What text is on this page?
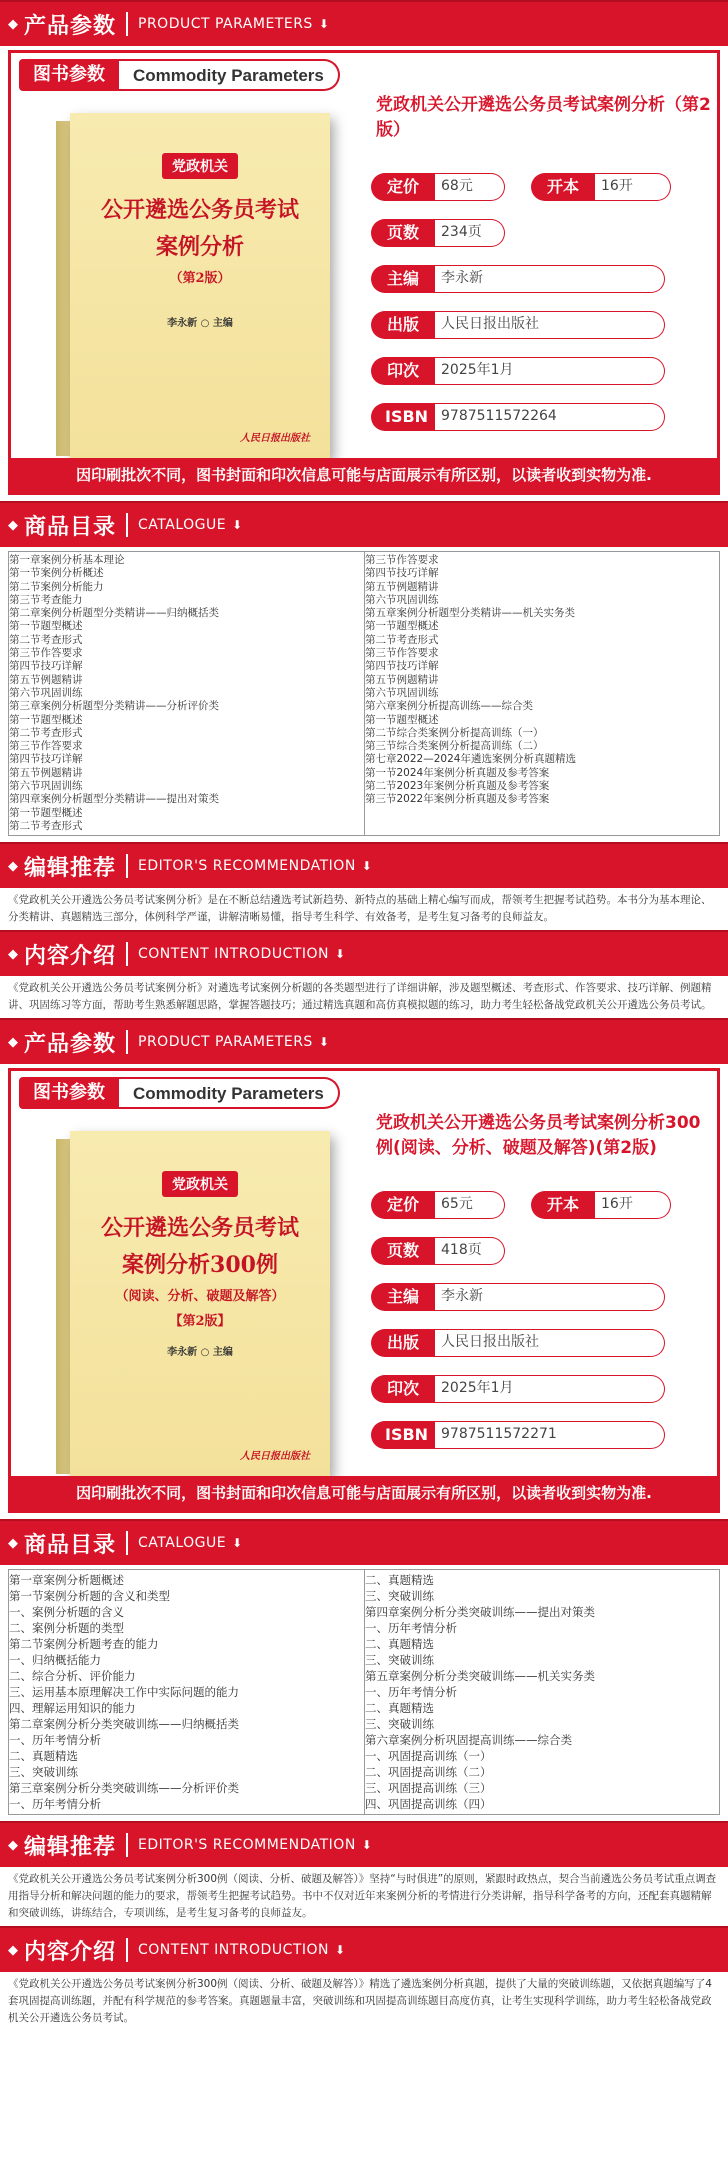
◆ 产品参数 PRODUCT PARAMETERS ⬇
图书参数	Commodity Parameters
党政机关
公开遴选公务员考试
案例分析
（第2版）
李永新 ○ 主编
人民日报出版社
党政机关公开遴选公务员考试案例分析（第2版）
定价	68元	开本	16开
页数	234页
主编	李永新
出版	人民日报出版社
印次	2025年1月
ISBN 9787511572264
因印刷批次不同，图书封面和印次信息可能与店面展示有所区别，以读者收到实物为准.
◆ 商品目录 CATALOGUE ⬇
第一章案例分析基本理论
第一节案例分析概述
第二节案例分析能力
第三节考查能力
第二章案例分析题型分类精讲——归纳概括类
第一节题型概述
第二节考查形式
第三节作答要求
第四节技巧详解
第五节例题精讲
第六节巩固训练
第三章案例分析题型分类精讲——分析评价类
第一节题型概述
第二节考查形式
第三节作答要求
第四节技巧详解
第五节例题精讲
第六节巩固训练
第四章案例分析题型分类精讲——提出对策类
第一节题型概述
第二节考查形式
第三节作答要求
第四节技巧详解
第五节例题精讲
第六节巩固训练
第五章案例分析题型分类精讲——机关实务类
第一节题型概述
第二节考查形式
第三节作答要求
第四节技巧详解
第五节例题精讲
第六节巩固训练
第六章案例分析提高训练——综合类
第一节题型概述
第二节综合类案例分析提高训练（一）
第三节综合类案例分析提高训练（二）
第七章2022—2024年遴选案例分析真题精选
第一节2024年案例分析真题及参考答案
第二节2023年案例分析真题及参考答案
第三节2022年案例分析真题及参考答案
◆ 编辑推荐 EDITOR'S RECOMMENDATION ⬇
《党政机关公开遴选公务员考试案例分析》是在不断总结遴选考试新趋势、新特点的基础上精心编写而成，帮领考生把握考试趋势。本书分为基本理论、分类精讲、真题精选三部分，体例科学严谨，讲解清晰易懂，指导考生科学、有效备考，是考生复习备考的良师益友。
◆ 内容介绍 CONTENT INTRODUCTION ⬇
《党政机关公开遴选公务员考试案例分析》对遴选考试案例分析题的各类题型进行了详细讲解，涉及题型概述、考查形式、作答要求、技巧详解、例题精讲、巩固练习等方面，帮助考生熟悉解题思路，掌握答题技巧；通过精选真题和高仿真模拟题的练习，助力考生轻松备战党政机关公开遴选公务员考试。
◆ 产品参数 PRODUCT PARAMETERS ⬇
图书参数	Commodity Parameters
党政机关
公开遴选公务员考试
案例分析300例
（阅读、分析、破题及解答）
【第2版】
李永新 ○ 主编
人民日报出版社
党政机关公开遴选公务员考试案例分析300例(阅读、分析、破题及解答)(第2版)
定价	65元	开本	16开
页数	418页
主编	李永新
出版	人民日报出版社
印次	2025年1月
ISBN 9787511572271
因印刷批次不同，图书封面和印次信息可能与店面展示有所区别，以读者收到实物为准.
◆ 商品目录 CATALOGUE ⬇
第一章案例分析题概述
第一节案例分析题的含义和类型
一、案例分析题的含义
二、案例分析题的类型
第二节案例分析题考查的能力
一、归纳概括能力
二、综合分析、评价能力
三、运用基本原理解决工作中实际问题的能力
四、理解运用知识的能力
第二章案例分析分类突破训练——归纳概括类
一、历年考情分析
二、真题精选
三、突破训练
第三章案例分析分类突破训练——分析评价类
一、历年考情分析
二、真题精选
三、突破训练
第四章案例分析分类突破训练——提出对策类
一、历年考情分析
二、真题精选
三、突破训练
第五章案例分析分类突破训练——机关实务类
一、历年考情分析
二、真题精选
三、突破训练
第六章案例分析巩固提高训练——综合类
一、巩固提高训练（一）
二、巩固提高训练（二）
三、巩固提高训练（三）
四、巩固提高训练（四）
◆ 编辑推荐 EDITOR'S RECOMMENDATION ⬇
《党政机关公开遴选公务员考试案例分析300例（阅读、分析、破题及解答）》坚持“与时俱进”的原则，紧跟时政热点，契合当前遴选公务员考试重点调查用指导分析和解决问题的能力的要求，帮领考生把握考试趋势。书中不仅对近年来案例分析的考情进行分类讲解，指导科学备考的方向，还配套真题精解和突破训练，讲练结合，专项训练，是考生复习备考的良师益友。
◆ 内容介绍 CONTENT INTRODUCTION ⬇
《党政机关公开遴选公务员考试案例分析300例（阅读、分析、破题及解答）》精选了遴选案例分析真题，提供了大量的突破训练题，又依据真题编写了4套巩固提高训练题，并配有科学规范的参考答案。真题题量丰富，突破训练和巩固提高训练题目高度仿真，让考生实现科学训练，助力考生轻松备战党政机关公开遴选公务员考试。
